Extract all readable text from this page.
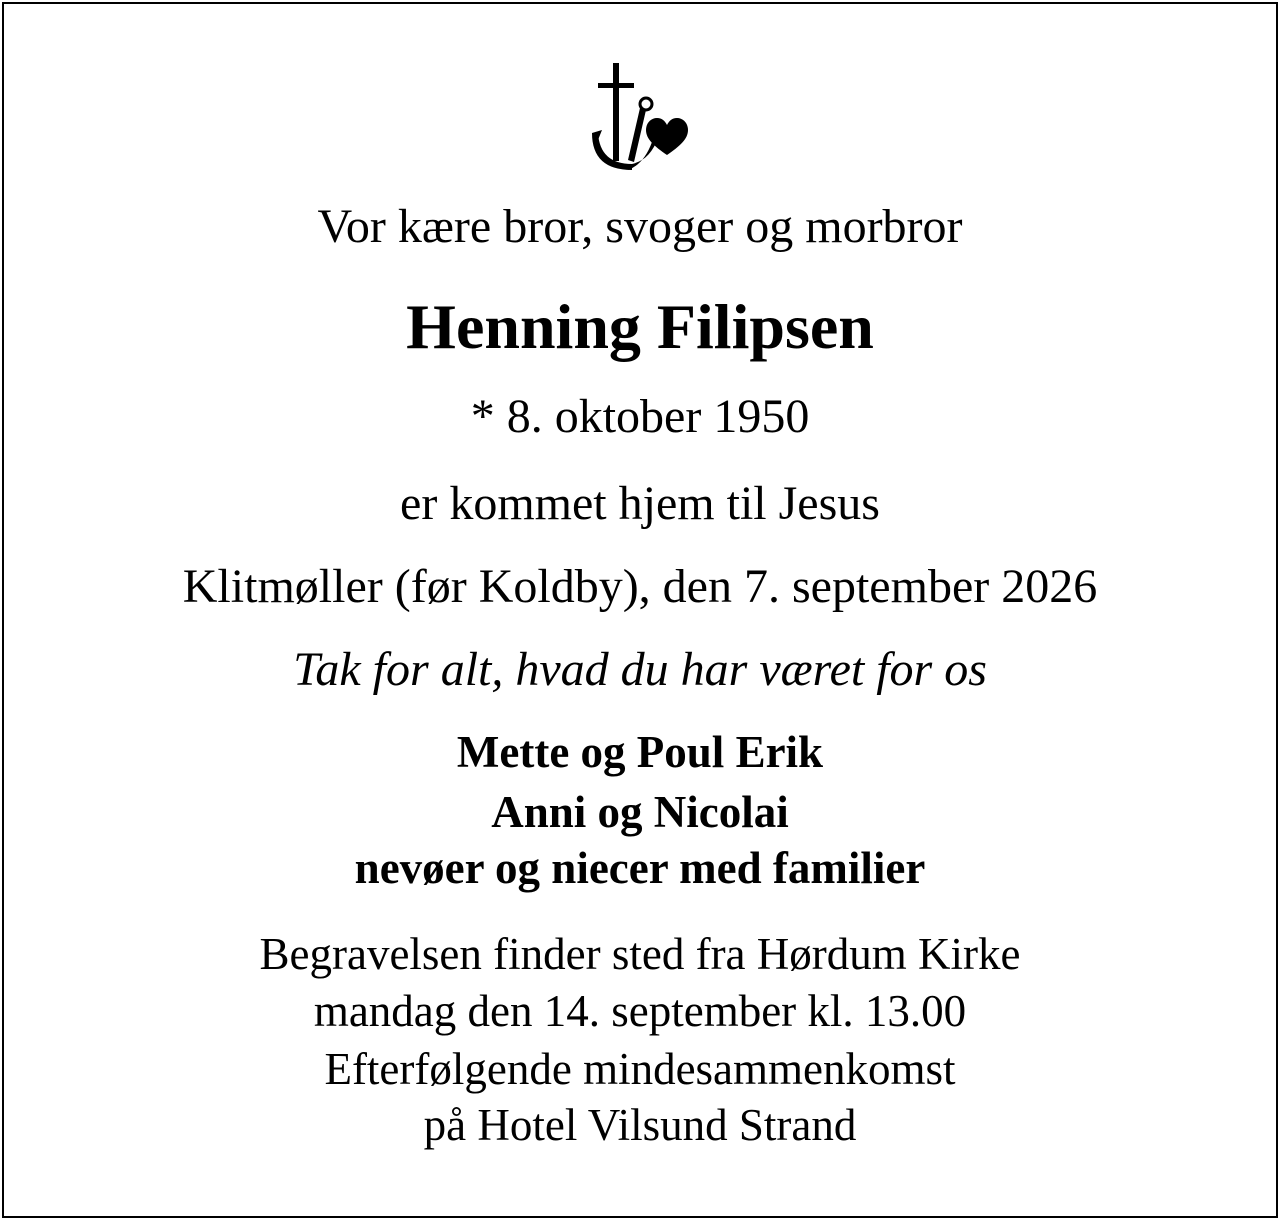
Vor kære bror, svoger og morbror
Henning Filipsen
* 8. oktober 1950
er kommet hjem til Jesus
Klitmøller (før Koldby), den 7. september 2026
Tak for alt, hvad du har været for os
Mette og Poul Erik
Anni og Nicolai
nevøer og niecer med familier
Begravelsen finder sted fra Hørdum Kirke
mandag den 14. september kl. 13.00
Efterfølgende mindesammenkomst
på Hotel Vilsund Strand
